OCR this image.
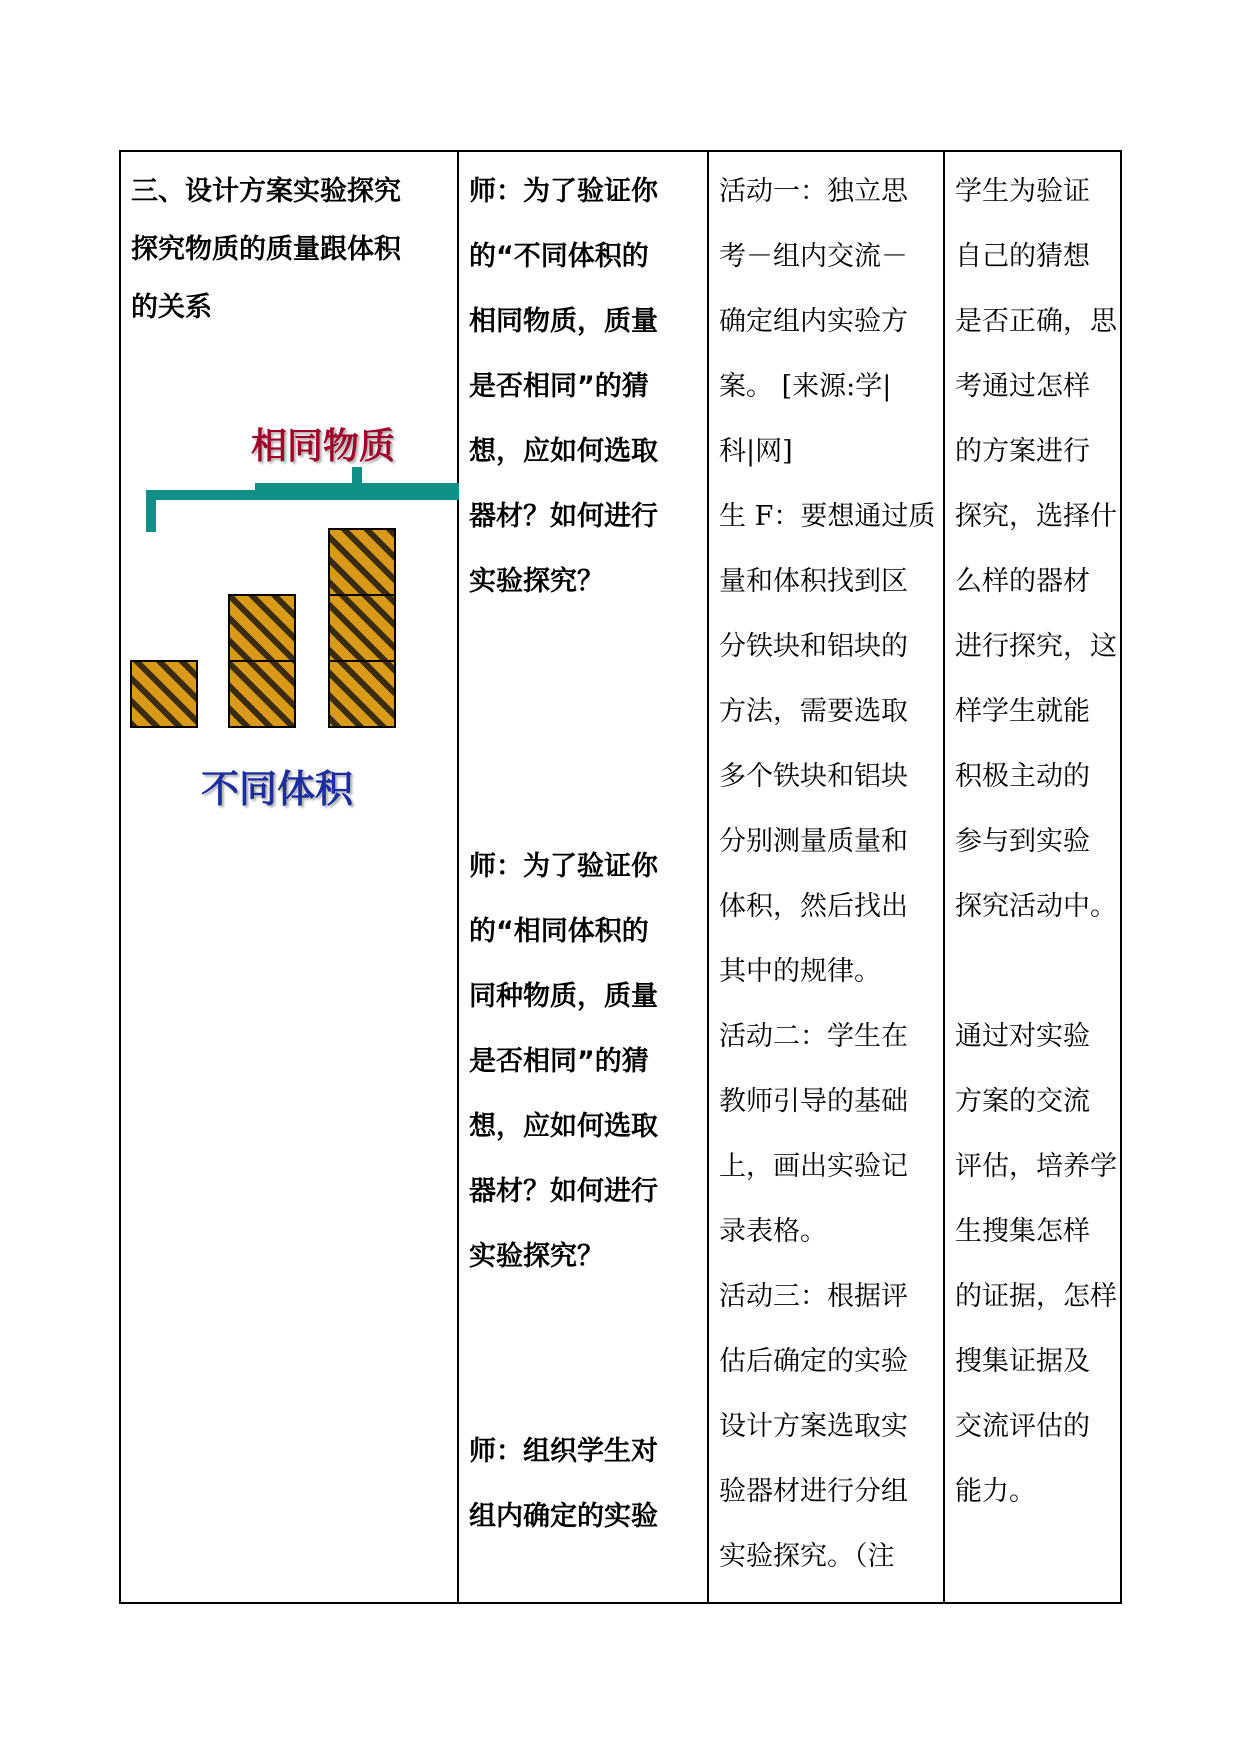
三、设计方案实验探究
探究物质的质量跟体积
的关系
相同物质
不同体积
师：为了验证你
的“不同体积的
相同物质，质量
是否相同”的猜
想，应如何选取
器材？如何进行
实验探究？
师：为了验证你
的“相同体积的
同种物质，质量
是否相同”的猜
想，应如何选取
器材？如何进行
实验探究？
师：组织学生对
组内确定的实验
活动一：独立思
考－组内交流－
确定组内实验方
案。 [来源:学|
科|网]
生 F：要想通过质
量和体积找到区
分铁块和铝块的
方法，需要选取
多个铁块和铝块
分别测量质量和
体积，然后找出
其中的规律。
活动二：学生在
教师引导的基础
上，画出实验记
录表格。
活动三：根据评
估后确定的实验
设计方案选取实
验器材进行分组
实验探究。（注
学生为验证
自己的猜想
是否正确，思
考通过怎样
的方案进行
探究，选择什
么样的器材
进行探究，这
样学生就能
积极主动的
参与到实验
探究活动中。
通过对实验
方案的交流
评估，培养学
生搜集怎样
的证据，怎样
搜集证据及
交流评估的
能力。
